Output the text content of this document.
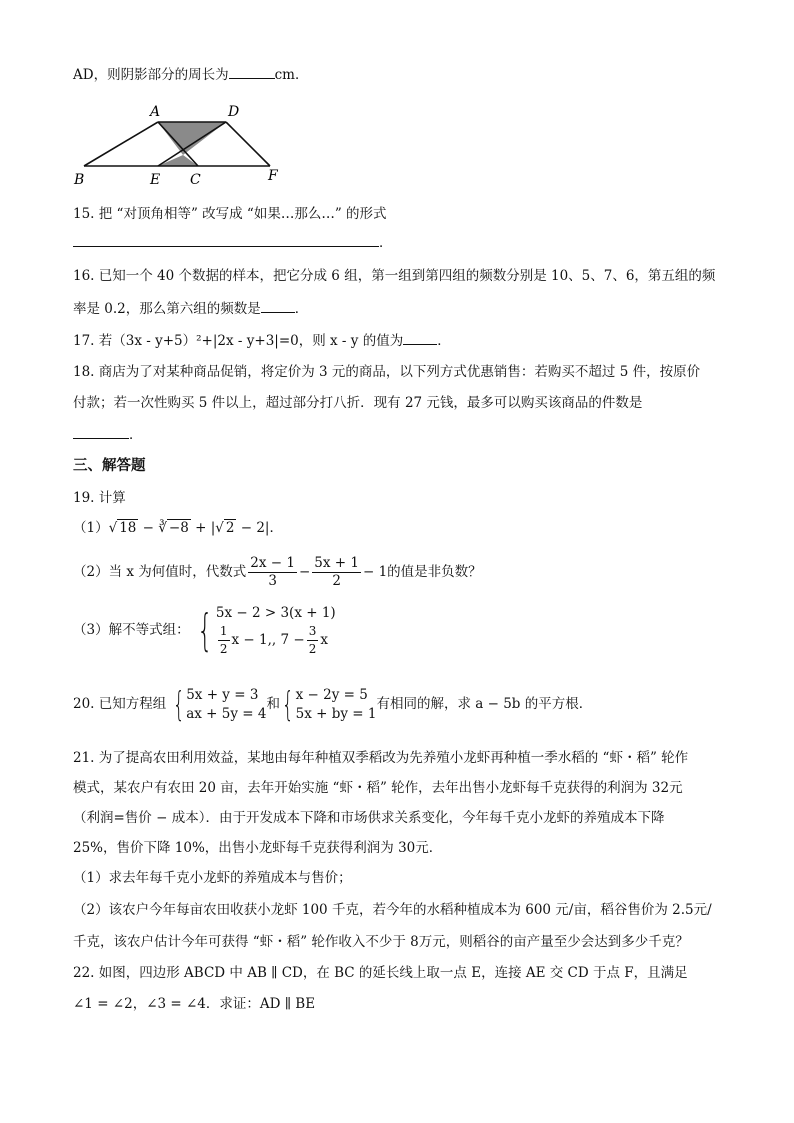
AD，则阴影部分的周长为	cm．
A	D
B	E C	F
15. 把 “对顶角相等” 改写成 “如果…那么…” 的形式
．
16. 已知一个 40 个数据的样本，把它分成 6 组，第一组到第四组的频数分别是 10、5、7、6，第五组的频
率是 0.2，那么第六组的频数是	．
17. 若（3x - y+5）²+|2x - y+3|=0，则 x - y 的值为	．
18. 商店为了对某种商品促销，将定价为 3 元的商品，以下列方式优惠销售：若购买不超过 5 件，按原价
付款；若一次性购买 5 件以上，超过部分打八折．现有 27 元钱，最多可以购买该商品的件数是
．
三、解答题
19. 计算
（1）√ 18 − ∛ −8 + |√ 2 − 2|．
（2）当 x 为何值时，代数式 $\frac{2x - 1}{3} - \frac{5x + 1}{2} - 1$的值是非负数？
（3）解不等式组： { 5x − 2 > 3(x + 1)
$\frac{1}{2}$ x − 1,, $7 - \frac{3}{2}$ x
20. 已知方程组 { 5x + y = 3
ax + 5y = 4
和 { x − 2y = 5
5x + by = 1
有相同的解，求 a − 5b 的平方根．
21. 为了提高农田利用效益，某地由每年种植双季稻改为先养殖小龙虾再种植一季水稻的 “虾・稻” 轮作
模式，某农户有农田 20 亩，去年开始实施 “虾・稻” 轮作，去年出售小龙虾每千克获得的利润为 32元
（利润=售价 − 成本）．由于开发成本下降和市场供求关系变化，今年每千克小龙虾的养殖成本下降
25%，售价下降 10%，出售小龙虾每千克获得利润为 30元．
（1）求去年每千克小龙虾的养殖成本与售价；
（2）该农户今年每亩农田收获小龙虾 100 千克，若今年的水稻种植成本为 600 元/亩，稻谷售价为 2.5元/
千克，该农户估计今年可获得 “虾・稻” 轮作收入不少于 8万元，则稻谷的亩产量至少会达到多少千克？
22. 如图，四边形 ABCD 中 AB ∥ CD，在 BC 的延长线上取一点 E，连接 AE 交 CD 于点 F，且满足
∠1 = ∠2，∠3 = ∠4．求证：AD ∥ BE
